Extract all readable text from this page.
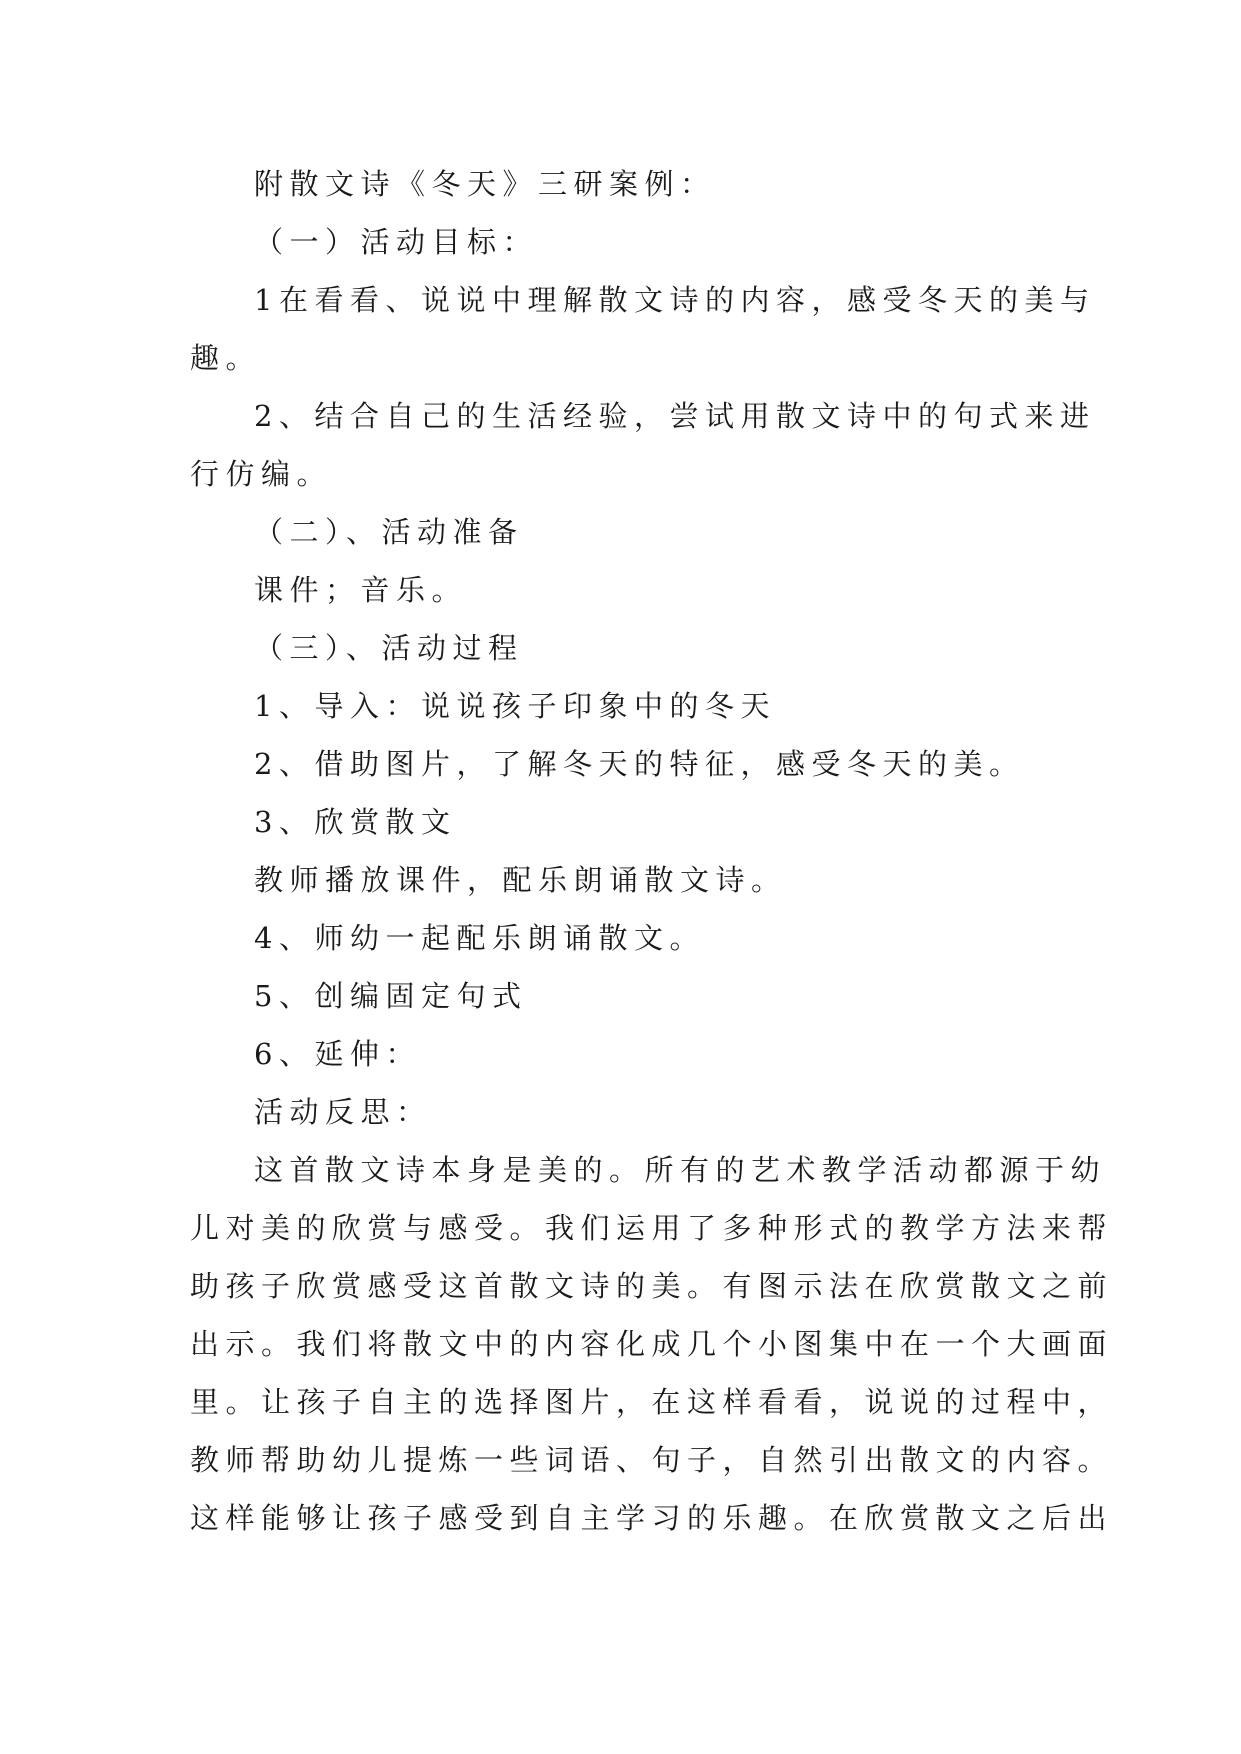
附散文诗《冬天》三研案例：

（一）活动目标：

1在看看、说说中理解散文诗的内容，感受冬天的美与

趣。

2、结合自己的生活经验，尝试用散文诗中的句式来进

行仿编。

（二）、活动准备

课件；音乐。

（三）、活动过程

1、导入：说说孩子印象中的冬天

2、借助图片，了解冬天的特征，感受冬天的美。

3、欣赏散文

教师播放课件，配乐朗诵散文诗。

4、师幼一起配乐朗诵散文。

5、创编固定句式

6、延伸：

活动反思：

这首散文诗本身是美的。所有的艺术教学活动都源于幼

儿对美的欣赏与感受。我们运用了多种形式的教学方法来帮

助孩子欣赏感受这首散文诗的美。有图示法在欣赏散文之前

出示。我们将散文中的内容化成几个小图集中在一个大画面

里。让孩子自主的选择图片，在这样看看，说说的过程中，

教师帮助幼儿提炼一些词语、句子，自然引出散文的内容。

这样能够让孩子感受到自主学习的乐趣。在欣赏散文之后出
